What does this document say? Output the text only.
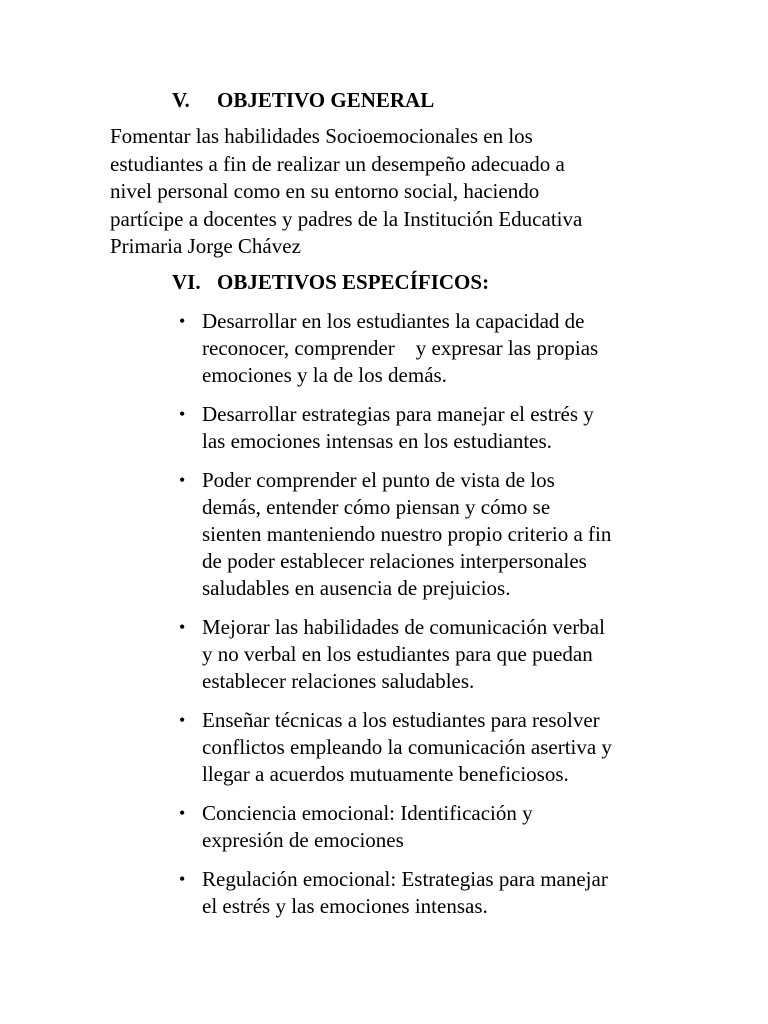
V. OBJETIVO GENERAL
Fomentar las habilidades Socioemocionales en los
estudiantes a fin de realizar un desempeño adecuado a
nivel personal como en su entorno social, haciendo
partícipe a docentes y padres de la Institución Educativa
Primaria Jorge Chávez
VI. OBJETIVOS ESPECÍFICOS:
• Desarrollar en los estudiantes la capacidad de
reconocer, comprender    y expresar las propias
emociones y la de los demás.
• Desarrollar estrategias para manejar el estrés y
las emociones intensas en los estudiantes.
• Poder comprender el punto de vista de los
demás, entender cómo piensan y cómo se
sienten manteniendo nuestro propio criterio a fin
de poder establecer relaciones interpersonales
saludables en ausencia de prejuicios.
• Mejorar las habilidades de comunicación verbal
y no verbal en los estudiantes para que puedan
establecer relaciones saludables.
• Enseñar técnicas a los estudiantes para resolver
conflictos empleando la comunicación asertiva y
llegar a acuerdos mutuamente beneficiosos.
• Conciencia emocional: Identificación y
expresión de emociones
• Regulación emocional: Estrategias para manejar
el estrés y las emociones intensas.
